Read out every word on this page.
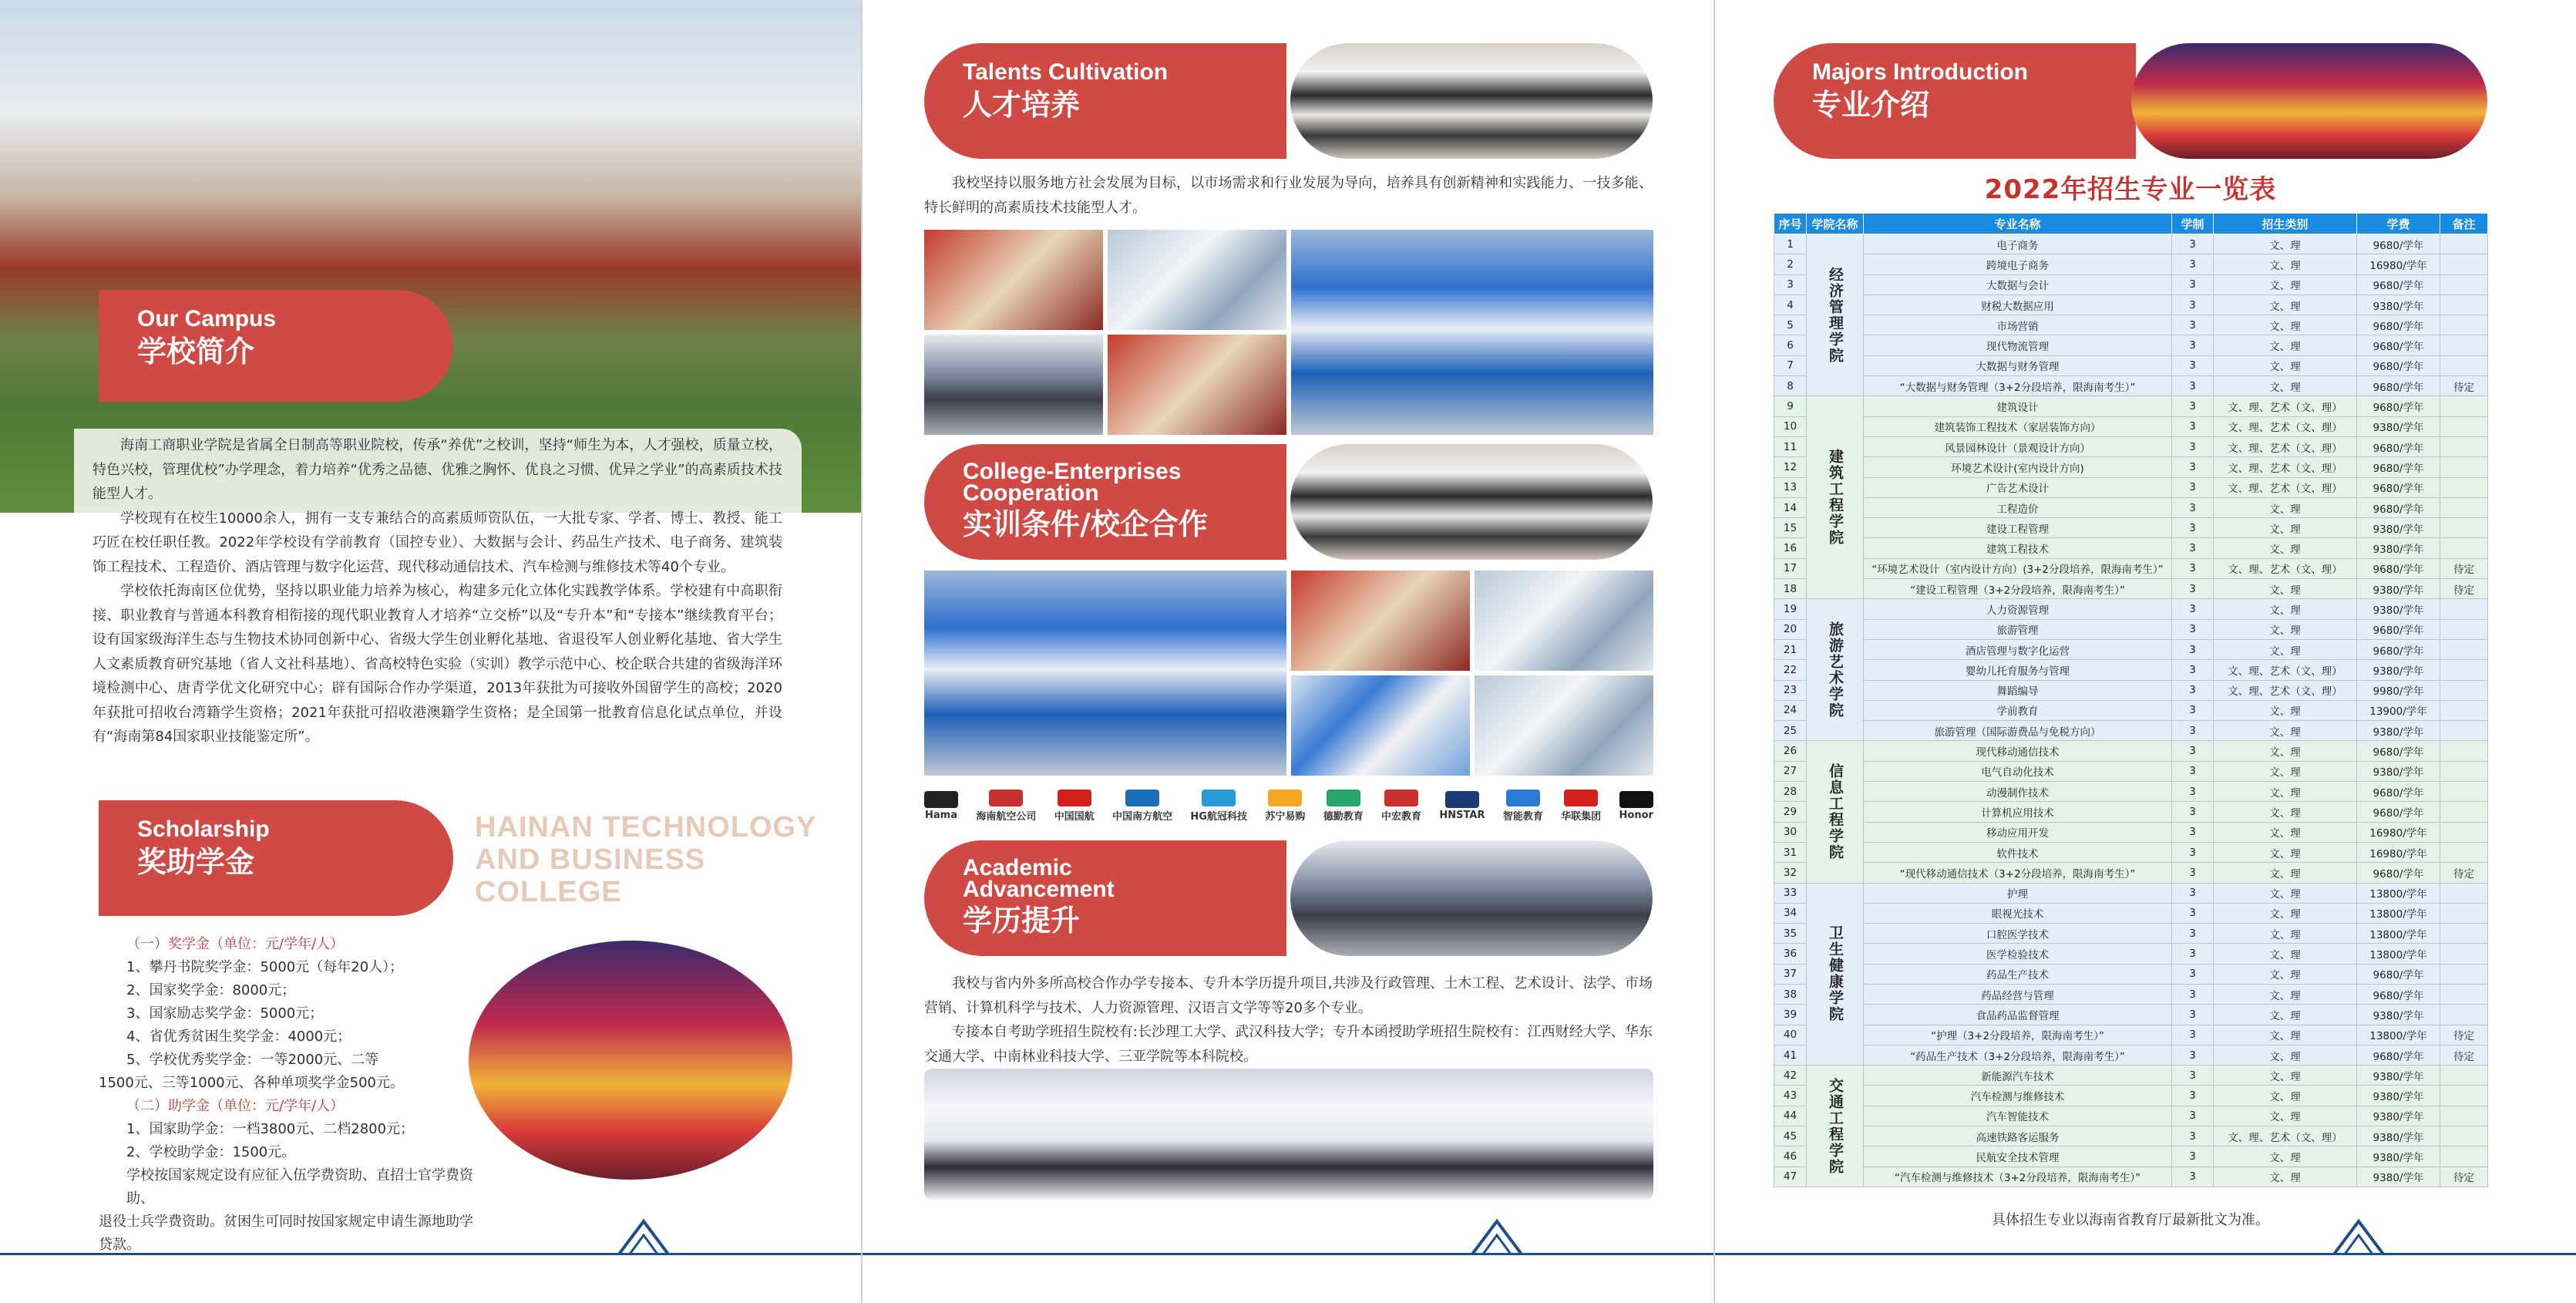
Our Campus
学校简介

海南工商职业学院是省属全日制高等职业院校，传承“养优”之校训，坚持“师生为本，人才强校，质量立校，特色兴校，管理优校”办学理念，着力培养“优秀之品德、优雅之胸怀、优良之习惯、优异之学业”的高素质技术技能型人才。

学校现有在校生10000余人，拥有一支专兼结合的高素质师资队伍，一大批专家、学者、博士、教授、能工巧匠在校任职任教。2022年学校设有学前教育（国控专业）、大数据与会计、药品生产技术、电子商务、建筑装饰工程技术、工程造价、酒店管理与数字化运营、现代移动通信技术、汽车检测与维修技术等40个专业。

学校依托海南区位优势，坚持以职业能力培养为核心，构建多元化立体化实践教学体系。学校建有中高职衔接、职业教育与普通本科教育相衔接的现代职业教育人才培养“立交桥”以及“专升本”和“专接本”继续教育平台；设有国家级海洋生态与生物技术协同创新中心、省级大学生创业孵化基地、省退役军人创业孵化基地、省大学生人文素质教育研究基地（省人文社科基地）、省高校特色实验（实训）教学示范中心、校企联合共建的省级海洋环境检测中心、唐青学优文化研究中心；辟有国际合作办学渠道，2013年获批为可接收外国留学生的高校；2020年获批可招收台湾籍学生资格；2021年获批可招收港澳籍学生资格；是全国第一批教育信息化试点单位，并设有“海南第84国家职业技能鉴定所”。

Scholarship
奖助学金
HAINAN TECHNOLOGY
AND BUSINESS
COLLEGE
（一）奖学金（单位：元/学年/人）
1、攀丹书院奖学金：5000元（每年20人）；
2、国家奖学金：8000元；
3、国家励志奖学金：5000元；
4、省优秀贫困生奖学金：4000元；
5、学校优秀奖学金：一等2000元、二等
1500元、三等1000元、各种单项奖学金500元。
（二）助学金（单位：元/学年/人）
1、国家助学金：一档3800元、二档2800元；
2、学校助学金：1500元。
学校按国家规定设有应征入伍学费资助、直招士官学费资助、
退役士兵学费资助。贫困生可同时按国家规定申请生源地助学贷款。
Talents Cultivation
人才培养

我校坚持以服务地方社会发展为目标，以市场需求和行业发展为导向，培养具有创新精神和实践能力、一技多能、特长鲜明的高素质技术技能型人才。

College-Enterprises
Cooperation
实训条件/校企合作
Hama 海南航空公司 中国国航 中国南方航空 HG航冠科技 苏宁易购 德勤教育 中宏教育 HNSTAR 智能教育 华联集团 Honor
Academic
Advancement
学历提升

我校与省内外多所高校合作办学专接本、专升本学历提升项目,共涉及行政管理、土木工程、艺术设计、法学、市场营销、计算机科学与技术、人力资源管理、汉语言文学等等20多个专业。

专接本自考助学班招生院校有:长沙理工大学、武汉科技大学；专升本函授助学班招生院校有：江西财经大学、华东交通大学、中南林业科技大学、三亚学院等本科院校。

Majors Introduction
专业介绍
2022年招生专业一览表
序号	学院名称	专业名称	学制	招生类别	学费	备注
1	经济管理学院	电子商务	3	文、理	9680/学年	
2		跨境电子商务	3	文、理	16980/学年	
3		大数据与会计	3	文、理	9680/学年	
4		财税大数据应用	3	文、理	9380/学年	
5		市场营销	3	文、理	9680/学年	
6		现代物流管理	3	文、理	9680/学年	
7		大数据与财务管理	3	文、理	9680/学年	
8		“大数据与财务管理（3+2分段培养，限海南考生）”	3	文、理	9680/学年	待定
9	建筑工程学院	建筑设计	3	文、理、艺术（文、理）	9680/学年	
10		建筑装饰工程技术（家居装饰方向）	3	文、理、艺术（文、理）	9380/学年	
11		风景园林设计（景观设计方向）	3	文、理、艺术（文、理）	9680/学年	
12		环境艺术设计(室内设计方向)	3	文、理、艺术（文、理）	9680/学年	
13		广告艺术设计	3	文、理、艺术（文、理）	9680/学年	
14		工程造价	3	文、理	9680/学年	
15		建设工程管理	3	文、理	9380/学年	
16		建筑工程技术	3	文、理	9380/学年	
17		“环境艺术设计（室内设计方向）(3+2分段培养，限海南考生）”	3	文、理、艺术（文、理）	9680/学年	待定
18		“建设工程管理（3+2分段培养，限海南考生）”	3	文、理	9380/学年	待定
19	旅游艺术学院	人力资源管理	3	文、理	9380/学年	
20		旅游管理	3	文、理	9680/学年	
21		酒店管理与数字化运营	3	文、理	9680/学年	
22		婴幼儿托育服务与管理	3	文、理、艺术（文、理）	9380/学年	
23		舞蹈编导	3	文、理、艺术（文、理）	9980/学年	
24		学前教育	3	文、理	13900/学年	
25		旅游管理（国际游费品与免税方向）	3	文、理	9380/学年	
26	信息工程学院	现代移动通信技术	3	文、理	9680/学年	
27		电气自动化技术	3	文、理	9380/学年	
28		动漫制作技术	3	文、理	9680/学年	
29		计算机应用技术	3	文、理	9680/学年	
30		移动应用开发	3	文、理	16980/学年	
31		软件技术	3	文、理	16980/学年	
32		“现代移动通信技术（3+2分段培养，限海南考生）”	3	文、理	9680/学年	待定
33	卫生健康学院	护理	3	文、理	13800/学年	
34		眼视光技术	3	文、理	13800/学年	
35		口腔医学技术	3	文、理	13800/学年	
36		医学检验技术	3	文、理	13800/学年	
37		药品生产技术	3	文、理	9680/学年	
38		药品经营与管理	3	文、理	9680/学年	
39		食品药品监督管理	3	文、理	9380/学年	
40		“护理（3+2分段培养，限海南考生）”	3	文、理	13800/学年	待定
41		“药品生产技术（3+2分段培养，限海南考生）”	3	文、理	9680/学年	待定
42	交通工程学院	新能源汽车技术	3	文、理	9380/学年	
43		汽车检测与维修技术	3	文、理	9380/学年	
44		汽车智能技术	3	文、理	9380/学年	
45		高速铁路客运服务	3	文、理、艺术（文、理）	9380/学年	
46		民航安全技术管理	3	文、理	9380/学年	
47		“汽车检测与维修技术（3+2分段培养，限海南考生）”	3	文、理	9380/学年	待定
具体招生专业以海南省教育厅最新批文为准。
